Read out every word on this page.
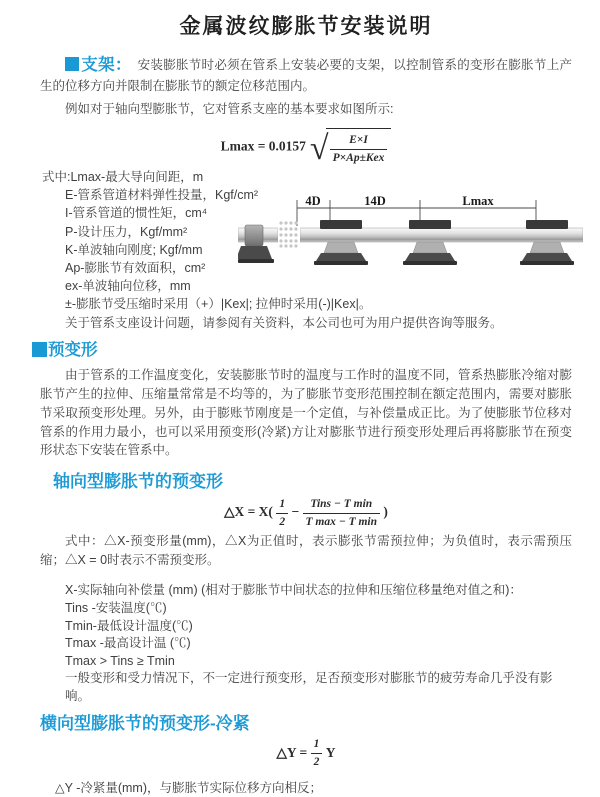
金属波纹膨胀节安装说明

支架： 安装膨胀节时必须在管系上安装必要的支架，以控制管系的变形在膨胀节上产生的位移方向并限制在膨胀节的额定位移范围内。

例如对于轴向型膨胀节，它对管系支座的基本要求如图所示:

Lmax = 0.0157 √ $\frac{E\times I}{\text{P×Ap±Kex}}$
式中:Lmax-最大导向间距，m
E-管系管道材料弹性投量，Kgf/cm²
I-管系管道的惯性矩，cm⁴
P-设计压力，Kgf/mm²
K-单波轴向刚度; Kgf/mm
Ap-膨胀节有效面积，cm²
ex-单波轴向位移，mm
±-膨胀节受压缩时采用（+）|Kex|; 拉伸时采用(-)|Kex|。
关于管系支座设计问题，请参阅有关资料，本公司也可为用户提供咨询等服务。
预变形

由于管系的工作温度变化，安装膨胀节时的温度与工作时的温度不同，管系热膨胀冷缩对膨胀节产生的拉伸、压缩量常常是不均等的，为了膨胀节变形范围控制在额定范围内，需要对膨胀节采取预变形处理。另外，由于膨账节刚度是一个定值，与补偿量成正比。为了使膨胀节位移对管系的作用力最小，也可以采用预变形(冷紧)方让对膨胀节进行预变形处理后再将膨胀节在预变形状态下安装在管系中。

轴向型膨胀节的预变形
△X = $X( \frac{1}{2} - \frac{\text{Tins − T min}}{\text{T max − T min}}$ )

式中：△X-预变形量(mm)，△X为正值时，表示膨张节需预拉伸；为负值时，表示需预压缩；△X = 0时表示不需预变形。

X-实际轴向补偿量 (mm) (相对于膨胀节中间状态的拉伸和压缩位移量绝对值之和)：
Tins -安装温度(℃)
Tmin-最低设计温度(℃)
Tmax -最高设计温 (℃)
Tmax > Tins ≥ Tmin
一般变形和受力情况下，不一定进行预变形，足否预变形对膨胀节的疲劳寿命几乎没有影响。
横向型膨胀节的预变形-冷紧
△Y = $\frac{1}{2}$ Y
△Y -冷紧量(mm)，与膨胀节实际位移方向相反；
4D	14D	Lmax
